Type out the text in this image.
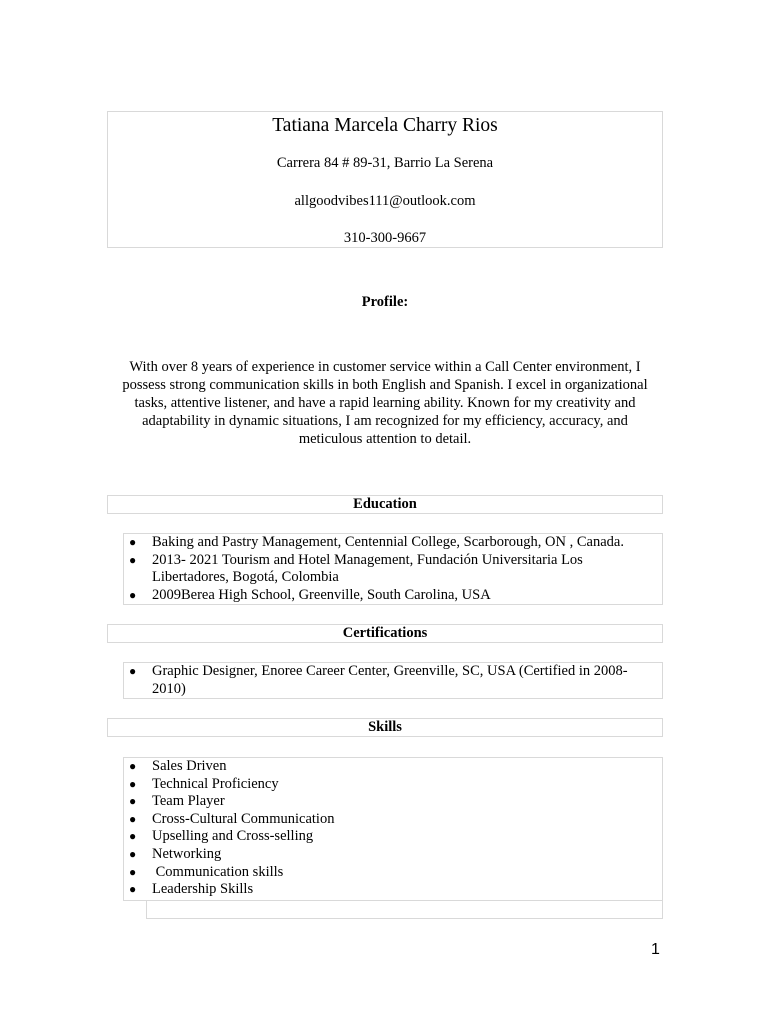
Tatiana Marcela Charry Rios
Carrera 84 # 89-31, Barrio La Serena
allgoodvibes111@outlook.com
310-300-9667
Profile:
With over 8 years of experience in customer service within a Call Center environment, I
possess strong communication skills in both English and Spanish. I excel in organizational
tasks, attentive listener, and have a rapid learning ability. Known for my creativity and
adaptability in dynamic situations, I am recognized for my efficiency, accuracy, and
meticulous attention to detail.
Education
● Baking and Pastry Management, Centennial College, Scarborough, ON , Canada.
● 2013- 2021 Tourism and Hotel Management, Fundación Universitaria Los Libertadores, Bogotá, Colombia
● 2009Berea High School, Greenville, South Carolina, USA
Certifications
● Graphic Designer, Enoree Career Center, Greenville, SC, USA (Certified in 2008-2010)
Skills
● Sales Driven
● Technical Proficiency
● Team Player
● Cross-Cultural Communication
● Upselling and Cross-selling
● Networking
● Communication skills
● Leadership Skills
1
